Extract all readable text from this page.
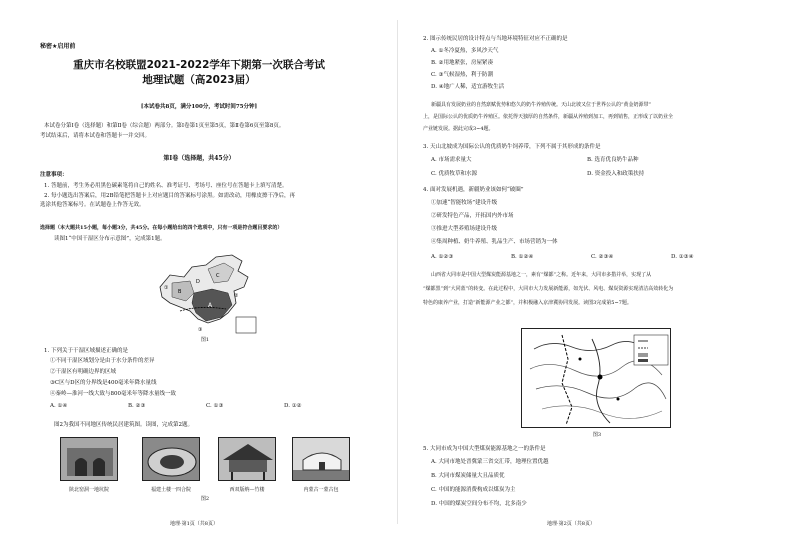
秘密★启用前
重庆市名校联盟2021-2022学年下期第一次联合考试
地理试题（高2023届）
[本试卷共8页，满分100分，考试时间75分钟]
本试卷分第Ⅰ卷（选择题）和第Ⅱ卷（综合题）两部分。第Ⅰ卷第1页至第5页，第Ⅱ卷第6页至第8页。
考试结束后，请将本试卷和答题卡一并交回。
第Ⅰ卷（选择题，共45分）
注意事项：
1. 答题前，考生务必用黑色碳素笔将自己的姓名、准考证号、考场号、座位号在答题卡上填写清楚。
2. 每小题选出答案后，用2B铅笔把答题卡上对应题目的答案标号涂黑。如需改动，用橡皮擦干净后，再
选涂其他答案标号。在试题卷上作答无效。
选择题（本大题共15小题，每小题3分，共45分。在每小题给出的四个选项中，只有一项是符合题目要求的）
读图1“中国干湿区分布示意图”，完成第1题。
A
B
C
D
①
②
③
图1
1. 下列关于干湿区域描述正确的是
①不同干湿区域划分是由于水分条件的差异
②干湿区有明确边界的区域
③C区与D区的分界线是400毫米年降水量线
④秦岭—淮河一线大致与800毫米年等降水量线一致
A. ①④	B. ②③	C. ①③	D. ①②
图2为我国不同地区传统民居建筑图。读图，完成第2题。
陕北窑洞一地坑院	福建土楼一四合院	西双版纳—竹楼	内蒙古一蒙古包
图2
地理·第1页（共8页）
2. 图示传统民居的设计特点与当地环境特征对应不正确的是
A. ①冬冷夏热，多风沙天气
B. ②用地紧张，房屋紧凑
C. ③气候湿热，利于防潮
D. ④地广人稀，适宜游牧生活
新疆具有发展奶业的自然禀赋优势和悠久的奶牛养殖传统。天山北坡又位于世界公认的“黄金奶源带”
上，是国际公认的优质奶牛养殖区。依托得天独厚的自然条件，新疆从养殖到加工，再到销售，正形成了以奶业全
产业链发展。据此完成3~4题。
3. 天山北坡成为国际公认的优质奶牛饲养带，下列不属于其形成的条件是
A. 市场需求量大	B. 选育优良奶牛品种
C. 优质牧草和水源	D. 资金投入和政策扶持
4. 面对发展机遇，新疆奶业该如何“破圈”
①加速“智能牧场”建设升级
②研发特色产品，开拓国内外市场
③推进大型养殖场建设升级
④集周种植、奶牛养殖、乳品生产、市场营销为一体
A. ①②③	B. ①②④	C. ②③④	D. ①③④
山西省大同市是中国大型煤炭能源基地之一，素有“煤都”之称。近年来，大同市多措并举，实现了从
“煤都黑”到“大同蓝”的转变。在此过程中，大同市大力发展新能源，如光伏、风电、煤炭资源实现清洁高效转化为
特色的康养产业，打造“新能源产业之都”，并积极融入京津冀协同发展。读图3完成第5~7题。
图3
5. 大同市成为中国大型煤炭能源基地之一的条件是
A. 大同市地处晋冀蒙三省交汇带，地理位置优越
B. 大同市煤炭储量大且品质优
C. 中国的能源消费构成以煤炭为主
D. 中国的煤炭空间分布不均，北多南少
地理·第2页（共8页）
